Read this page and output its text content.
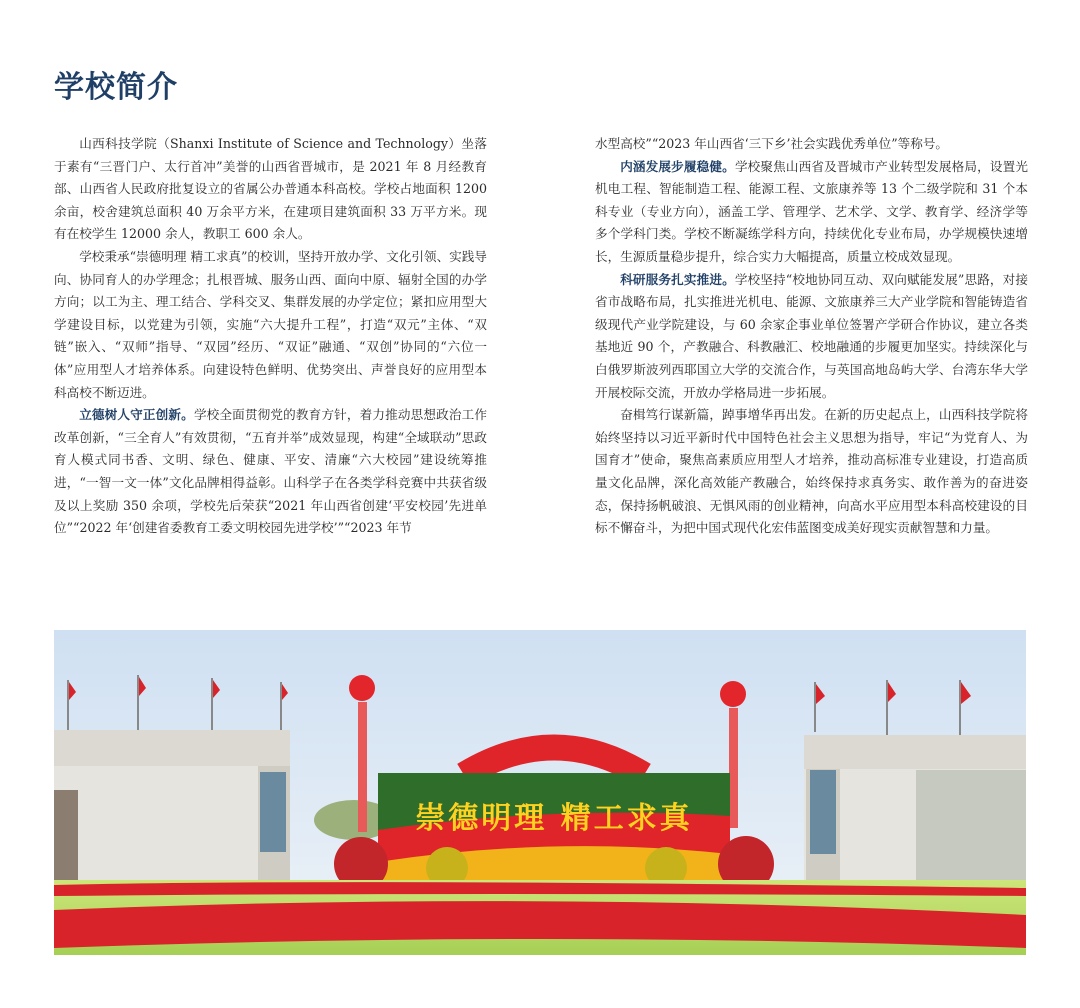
学校简介

山西科技学院（Shanxi Institute of Science and Technology）坐落于素有“三晋门户、太行首冲”美誉的山西省晋城市，是 2021 年 8 月经教育部、山西省人民政府批复设立的省属公办普通本科高校。学校占地面积 1200 余亩，校舍建筑总面积 40 万余平方米，在建项目建筑面积 33 万平方米。现有在校学生 12000 余人，教职工 600 余人。

学校秉承“崇德明理 精工求真”的校训，坚持开放办学、文化引领、实践导向、协同育人的办学理念；扎根晋城、服务山西、面向中原、辐射全国的办学方向；以工为主、理工结合、学科交叉、集群发展的办学定位；紧扣应用型大学建设目标，以党建为引领，实施“六大提升工程”，打造“双元”主体、“双链”嵌入、“双师”指导、“双园”经历、“双证”融通、“双创”协同的“六位一体”应用型人才培养体系。向建设特色鲜明、优势突出、声誉良好的应用型本科高校不断迈进。

立德树人守正创新。学校全面贯彻党的教育方针，着力推动思想政治工作改革创新，“三全育人”有效贯彻，“五育并举”成效显现，构建“全域联动”思政育人模式同书香、文明、绿色、健康、平安、清廉“六大校园”建设统筹推进，“一智一文一体”文化品牌相得益彰。山科学子在各类学科竞赛中共获省级及以上奖励 350 余项，学校先后荣获“2021 年山西省创建‘平安校园’先进单位”“2022 年‘创建省委教育工委文明校园先进学校’”“2023 年节

水型高校”“2023 年山西省‘三下乡’社会实践优秀单位”等称号。

内涵发展步履稳健。学校聚焦山西省及晋城市产业转型发展格局，设置光机电工程、智能制造工程、能源工程、文旅康养等 13 个二级学院和 31 个本科专业（专业方向），涵盖工学、管理学、艺术学、文学、教育学、经济学等多个学科门类。学校不断凝练学科方向，持续优化专业布局，办学规模快速增长，生源质量稳步提升，综合实力大幅提高，质量立校成效显现。

科研服务扎实推进。学校坚持“校地协同互动、双向赋能发展”思路，对接省市战略布局，扎实推进光机电、能源、文旅康养三大产业学院和智能铸造省级现代产业学院建设，与 60 余家企事业单位签署产学研合作协议，建立各类基地近 90 个，产教融合、科教融汇、校地融通的步履更加坚实。持续深化与白俄罗斯波列西耶国立大学的交流合作，与英国高地岛屿大学、台湾东华大学开展校际交流，开放办学格局进一步拓展。

奋楫笃行谋新篇，踔事增华再出发。在新的历史起点上，山西科技学院将始终坚持以习近平新时代中国特色社会主义思想为指导，牢记“为党育人、为国育才”使命，聚焦高素质应用型人才培养，推动高标准专业建设，打造高质量文化品牌，深化高效能产教融合，始终保持求真务实、敢作善为的奋进姿态，保持扬帆破浪、无惧风雨的创业精神，向高水平应用型本科高校建设的目标不懈奋斗，为把中国式现代化宏伟蓝图变成美好现实贡献智慧和力量。

崇德明理 精工求真
